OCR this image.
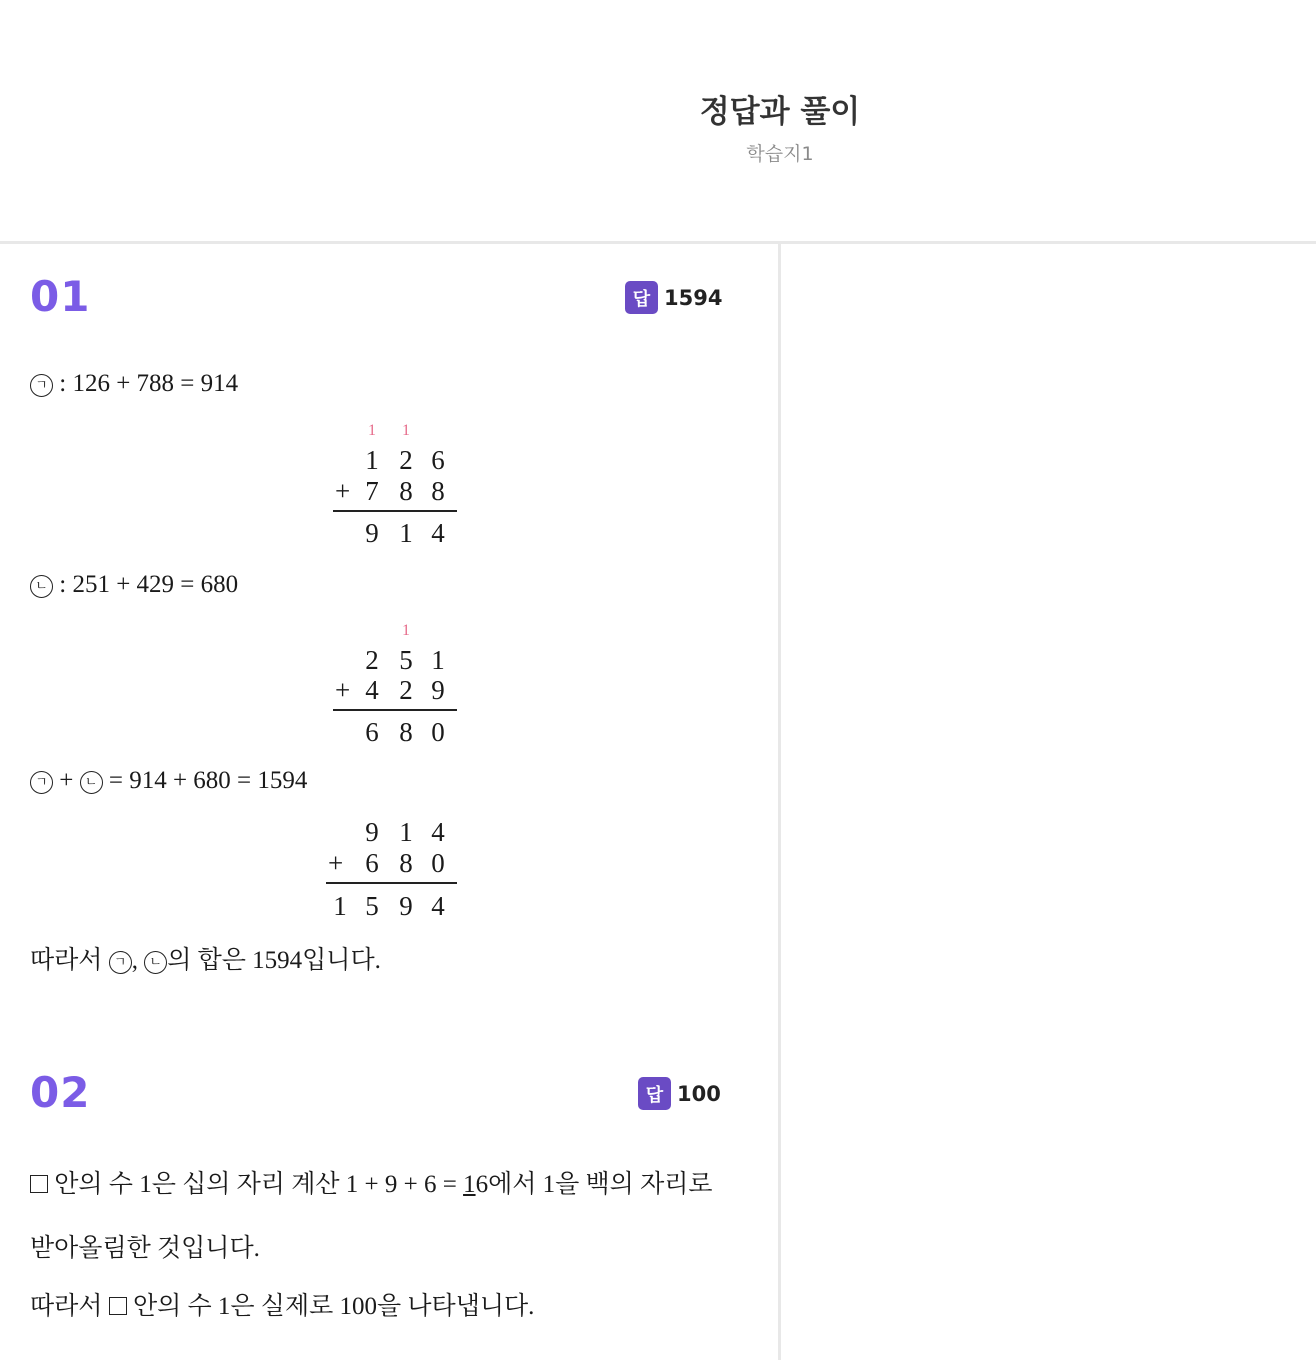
정답과 풀이
학습지1
01	답 1594
ㄱ : 126 + 788 = 914
1	1
1 2 6
+ 7 8 8
9 1 4
ㄴ : 251 + 429 = 680
1
2 5 1
+ 4 2 9
6 8 0
ㄱ + ㄴ = 914 + 680 = 1594
9 1 4
+ 6 8 0
1 5 9 4
따라서 ㄱ , ㄴ 의 합은 1594입니다.
02	답 100
안의 수 1은 십의 자리 계산 1 + 9 + 6 = 16에서 1을 백의 자리로
받아올림한 것입니다.
따라서  안의 수 1은 실제로 100을 나타냅니다.
